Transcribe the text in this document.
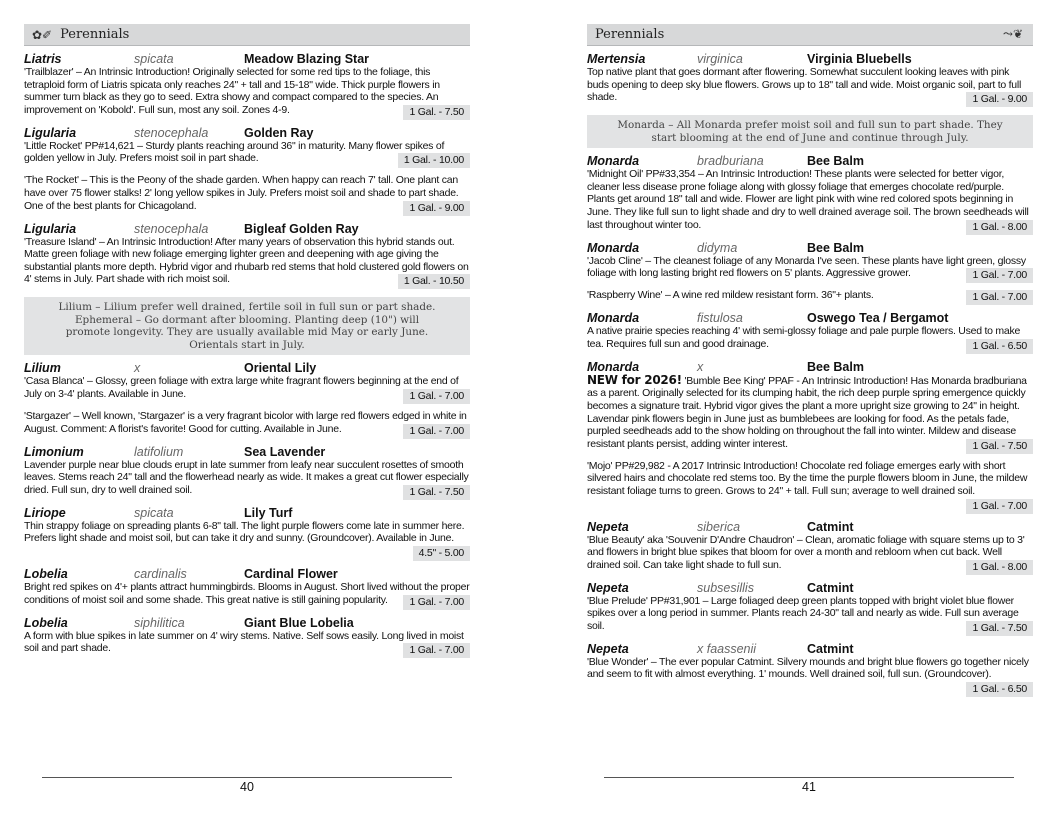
✿✐ Perennials
Liatris	spicata	Meadow Blazing Star
'Trailblazer' – An Intrinsic Introduction! Originally selected for some red tips to the foliage, this tetraploid form of Liatris spicata only reaches 24" + tall and 15-18" wide. Thick purple flowers in summer turn black as they go to seed. Extra showy and compact compared to the species. An improvement on 'Kobold'. Full sun, most any soil. Zones 4-9.	1 Gal. - 7.50
Ligularia	stenocephala	Golden Ray
'Little Rocket' PP#14,621 – Sturdy plants reaching around 36" in maturity. Many flower spikes of golden yellow in July. Prefers moist soil in part shade.	1 Gal. - 10.00
'The Rocket' – This is the Peony of the shade garden. When happy can reach 7' tall. One plant can have over 75 flower stalks! 2' long yellow spikes in July. Prefers moist soil and shade to part shade. One of the best plants for Chicagoland.	1 Gal. - 9.00
Ligularia	stenocephala	Bigleaf Golden Ray
'Treasure Island' – An Intrinsic Introduction! After many years of observation this hybrid stands out. Matte green foliage with new foliage emerging lighter green and deepening with age giving the substantial plants more depth. Hybrid vigor and rhubarb red stems that hold clustered gold flowers on 4' stems in July. Part shade with rich moist soil.	1 Gal. - 10.50
Lilium – Lilium prefer well drained, fertile soil in full sun or part shade. Ephemeral – Go dormant after blooming. Planting deep (10") will promote longevity. They are usually available mid May or early June. Orientals start in July.
Lilium	x	Oriental Lily
'Casa Blanca' – Glossy, green foliage with extra large white fragrant flowers beginning at the end of July on 3-4' plants. Available in June.	1 Gal. - 7.00
'Stargazer' – Well known, 'Stargazer' is a very fragrant bicolor with large red flowers edged in white in August. Comment: A florist's favorite! Good for cutting. Available in June.	1 Gal. - 7.00
Limonium	latifolium	Sea Lavender
Lavender purple near blue clouds erupt in late summer from leafy near succulent rosettes of smooth leaves. Stems reach 24" tall and the flowerhead nearly as wide. It makes a great cut flower especially dried. Full sun, dry to well drained soil.	1 Gal. - 7.50
Liriope	spicata	Lily Turf
Thin strappy foliage on spreading plants 6-8" tall. The light purple flowers come late in summer here. Prefers light shade and moist soil, but can take it dry and sunny. (Groundcover). Available in June.
4.5" - 5.00
Lobelia	cardinalis	Cardinal Flower
Bright red spikes on 4'+ plants attract hummingbirds. Blooms in August. Short lived without the proper conditions of moist soil and some shade. This great native is still gaining popularity.	1 Gal. - 7.00
Lobelia	siphilitica	Giant Blue Lobelia
A form with blue spikes in late summer on 4' wiry stems. Native. Self sows easily. Long lived in moist soil and part shade.	1 Gal. - 7.00
Perennials	⤳❦
Mertensia	virginica	Virginia Bluebells
Top native plant that goes dormant after flowering. Somewhat succulent looking leaves with pink buds opening to deep sky blue flowers. Grows up to 18" tall and wide. Moist organic soil, part to full shade.	1 Gal. - 9.00
Monarda – All Monarda prefer moist soil and full sun to part shade. They start blooming at the end of June and continue through July.
Monarda	bradburiana	Bee Balm
'Midnight Oil' PP#33,354 – An Intrinsic Introduction! These plants were selected for better vigor, cleaner less disease prone foliage along with glossy foliage that emerges chocolate red/purple. Plants get around 18" tall and wide. Flower are light pink with wine red colored spots beginning in June. They like full sun to light shade and dry to well drained average soil. The brown seedheads will last throughout winter too.	1 Gal. - 8.00
Monarda	didyma	Bee Balm
'Jacob Cline' – The cleanest foliage of any Monarda I've seen. These plants have light green, glossy foliage with long lasting bright red flowers on 5' plants. Aggressive grower.	1 Gal. - 7.00
'Raspberry Wine' – A wine red mildew resistant form. 36"+ plants.	1 Gal. - 7.00
Monarda	fistulosa	Oswego Tea / Bergamot
A native prairie species reaching 4' with semi-glossy foliage and pale purple flowers. Used to make tea. Requires full sun and good drainage.	1 Gal. - 6.50
Monarda	x	Bee Balm
NEW for 2026! 'Bumble Bee King' PPAF - An Intrinsic Introduction! Has Monarda bradburiana as a parent. Originally selected for its clumping habit, the rich deep purple spring emergence quickly becomes a signature trait. Hybrid vigor gives the plant a more upright size growing to 24" in height. Lavendar pink flowers begin in June just as bumblebees are looking for food. As the petals fade, purpled seedheads add to the show holding on throughout the fall into winter. Mildew and disease resistant plants persist, adding winter interest.	1 Gal. - 7.50
'Mojo' PP#29,982 - A 2017 Intrinsic Introduction! Chocolate red foliage emerges early with short silvered hairs and chocolate red stems too. By the time the purple flowers bloom in June, the mildew resistant foliage turns to green. Grows to 24" + tall. Full sun; average to well drained soil.
1 Gal. - 7.00
Nepeta	siberica	Catmint
'Blue Beauty' aka 'Souvenir D'Andre Chaudron' – Clean, aromatic foliage with square stems up to 3' and flowers in bright blue spikes that bloom for over a month and rebloom when cut back. Well drained soil. Can take light shade to full sun.	1 Gal. - 8.00
Nepeta	subsesillis	Catmint
'Blue Prelude' PP#31,901 – Large foliaged deep green plants topped with bright violet blue flower spikes over a long period in summer. Plants reach 24-30" tall and nearly as wide. Full sun average soil.	1 Gal. - 7.50
Nepeta	x faassenii	Catmint
'Blue Wonder' – The ever popular Catmint. Silvery mounds and bright blue flowers go together nicely and seem to fit with almost everything. 1' mounds. Well drained soil, full sun. (Groundcover).
1 Gal. - 6.50
40	41
